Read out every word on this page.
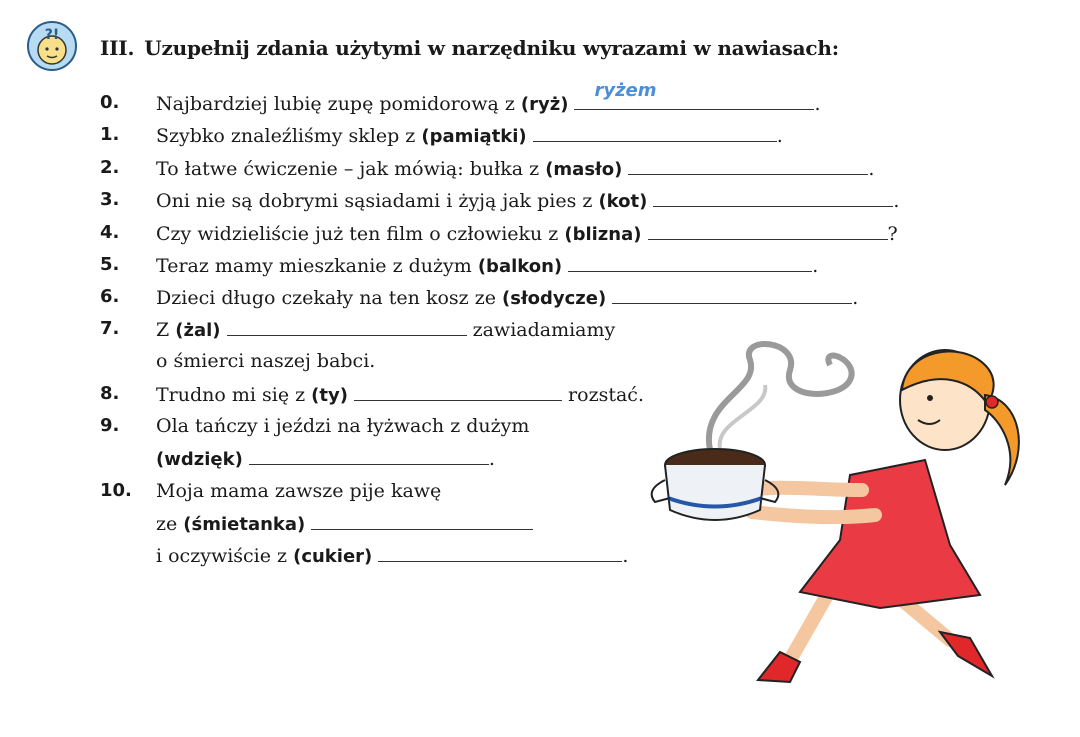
?!
III. Uzupełnij zdania użytymi w narzędniku wyrazami w nawiasach:
0.	Najbardziej lubię zupę pomidorową z (ryż)
ryżem
.
1.	Szybko znaleźliśmy sklep z (pamiątki)	.
2.	To łatwe ćwiczenie – jak mówią: bułka z (masło)	.
3.	Oni nie są dobrymi sąsiadami i żyją jak pies z (kot)	.
4.	Czy widzieliście już ten film o człowieku z (blizna)	?
5.	Teraz mamy mieszkanie z dużym (balkon)	.
6.	Dzieci długo czekały na ten kosz ze (słodycze)	.
7.	Z (żal)	zawiadamiamy
o śmierci naszej babci.
8.	Trudno mi się z (ty)	rozstać.
9.	Ola tańczy i jeździ na łyżwach z dużym
(wdzięk)	.
10.	Moja mama zawsze pije kawę
ze (śmietanka)
i oczywiście z (cukier)	.
